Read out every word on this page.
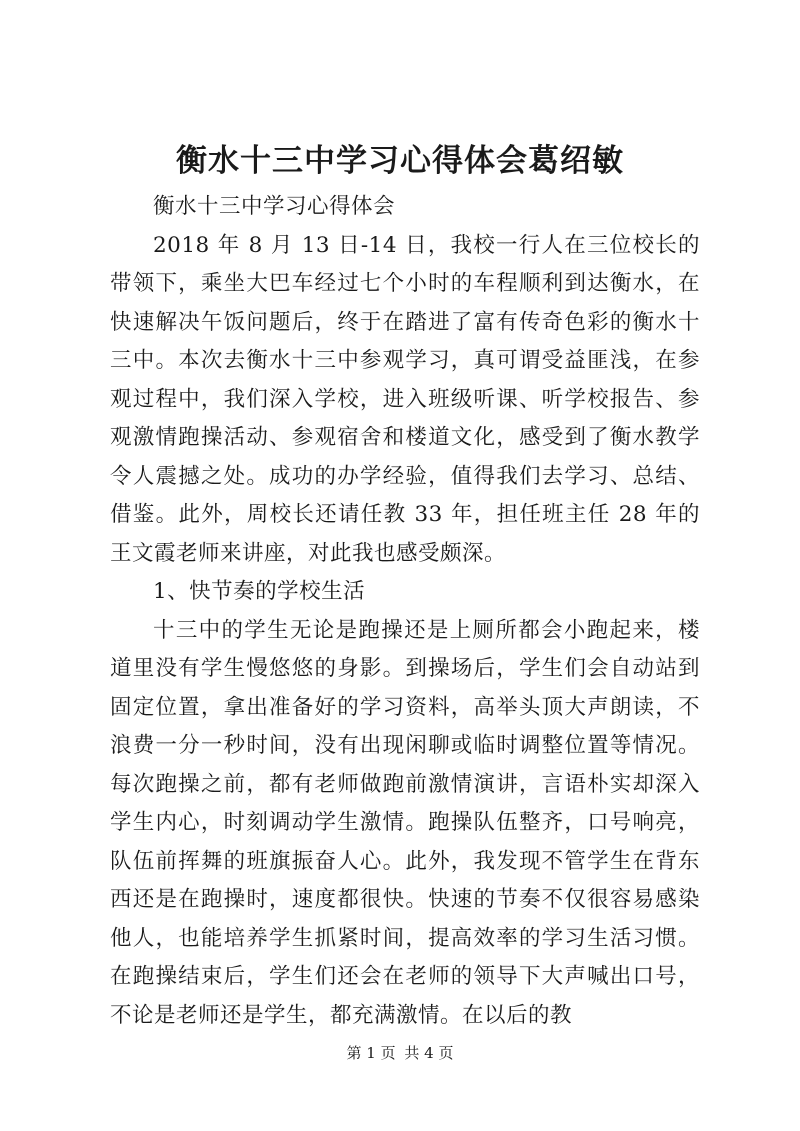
衡水十三中学习心得体会葛绍敏

衡水十三中学习心得体会

2018 年 8 月 13 日-14 日，我校一行人在三位校长的带领下，乘坐大巴车经过七个小时的车程顺利到达衡水，在快速解决午饭问题后，终于在踏进了富有传奇色彩的衡水十三中。本次去衡水十三中参观学习，真可谓受益匪浅，在参观过程中，我们深入学校，进入班级听课、听学校报告、参观激情跑操活动、参观宿舍和楼道文化，感受到了衡水教学令人震撼之处。成功的办学经验，值得我们去学习、总结、借鉴。此外，周校长还请任教 33 年，担任班主任 28 年的王文霞老师来讲座，对此我也感受颇深。

1、快节奏的学校生活

十三中的学生无论是跑操还是上厕所都会小跑起来，楼道里没有学生慢悠悠的身影。到操场后，学生们会自动站到固定位置，拿出准备好的学习资料，高举头顶大声朗读，不浪费一分一秒时间，没有出现闲聊或临时调整位置等情况。每次跑操之前，都有老师做跑前激情演讲，言语朴实却深入学生内心，时刻调动学生激情。跑操队伍整齐，口号响亮，队伍前挥舞的班旗振奋人心。此外，我发现不管学生在背东西还是在跑操时，速度都很快。快速的节奏不仅很容易感染他人，也能培养学生抓紧时间，提高效率的学习生活习惯。在跑操结束后，学生们还会在老师的领导下大声喊出口号，不论是老师还是学生，都充满激情。在以后的教

第 1 页 共 4 页
